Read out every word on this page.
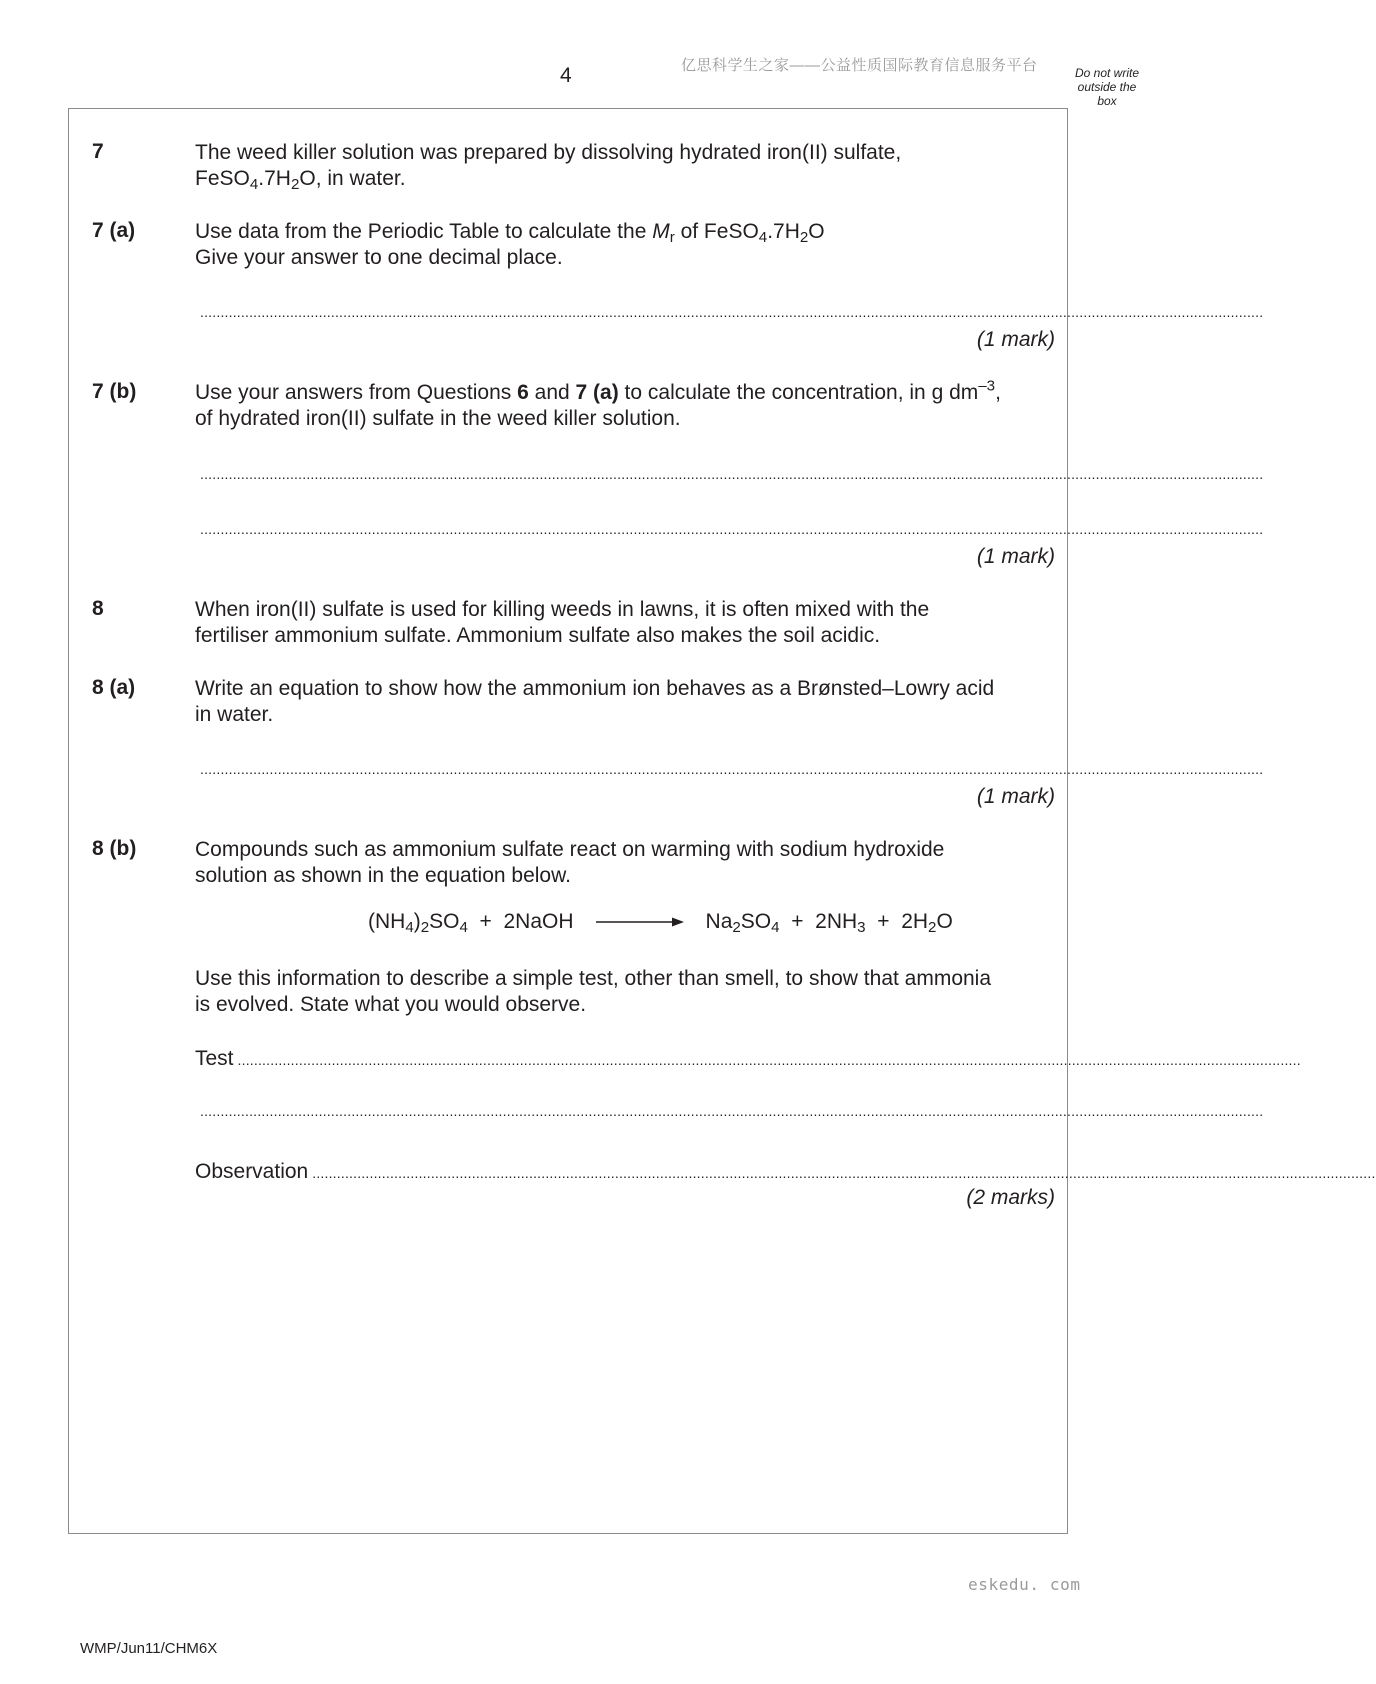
4	亿思科学生之家——公益性质国际教育信息服务平台	Do not write
outside the
box
7	The weed killer solution was prepared by dissolving hydrated iron(II) sulfate,
$FeSO_4.7H_2O$, in water.
7 (a)	Use data from the Periodic Table to calculate the $M_r$ of $FeSO_4.7H_2O$
Give your answer to one decimal place.
....................................................................................................................................................................................................................................................................
(1 mark)
7 (b)	Use your answers from Questions 6 and 7 (a) to calculate the concentration, in g $dm^{-3}$,
of hydrated iron(II) sulfate in the weed killer solution.
....................................................................................................................................................................................................................................................................
....................................................................................................................................................................................................................................................................
(1 mark)
8	When iron(II) sulfate is used for killing weeds in lawns, it is often mixed with the
fertiliser ammonium sulfate. Ammonium sulfate also makes the soil acidic.
8 (a)	Write an equation to show how the ammonium ion behaves as a Brønsted–Lowry acid
in water.
....................................................................................................................................................................................................................................................................
(1 mark)
8 (b)	Compounds such as ammonium sulfate react on warming with sodium hydroxide
solution as shown in the equation below.
$(NH_4)_2SO_4$  +  2NaOH	$Na_2SO_4 + 2NH_3 + 2H_2O$
Use this information to describe a simple test, other than smell, to show that ammonia
is evolved. State what you would observe.
Test ....................................................................................................................................................................................................................................................................
....................................................................................................................................................................................................................................................................
Observation ....................................................................................................................................................................................................................................................................
(2 marks)
eskedu. com
WMP/Jun11/CHM6X
